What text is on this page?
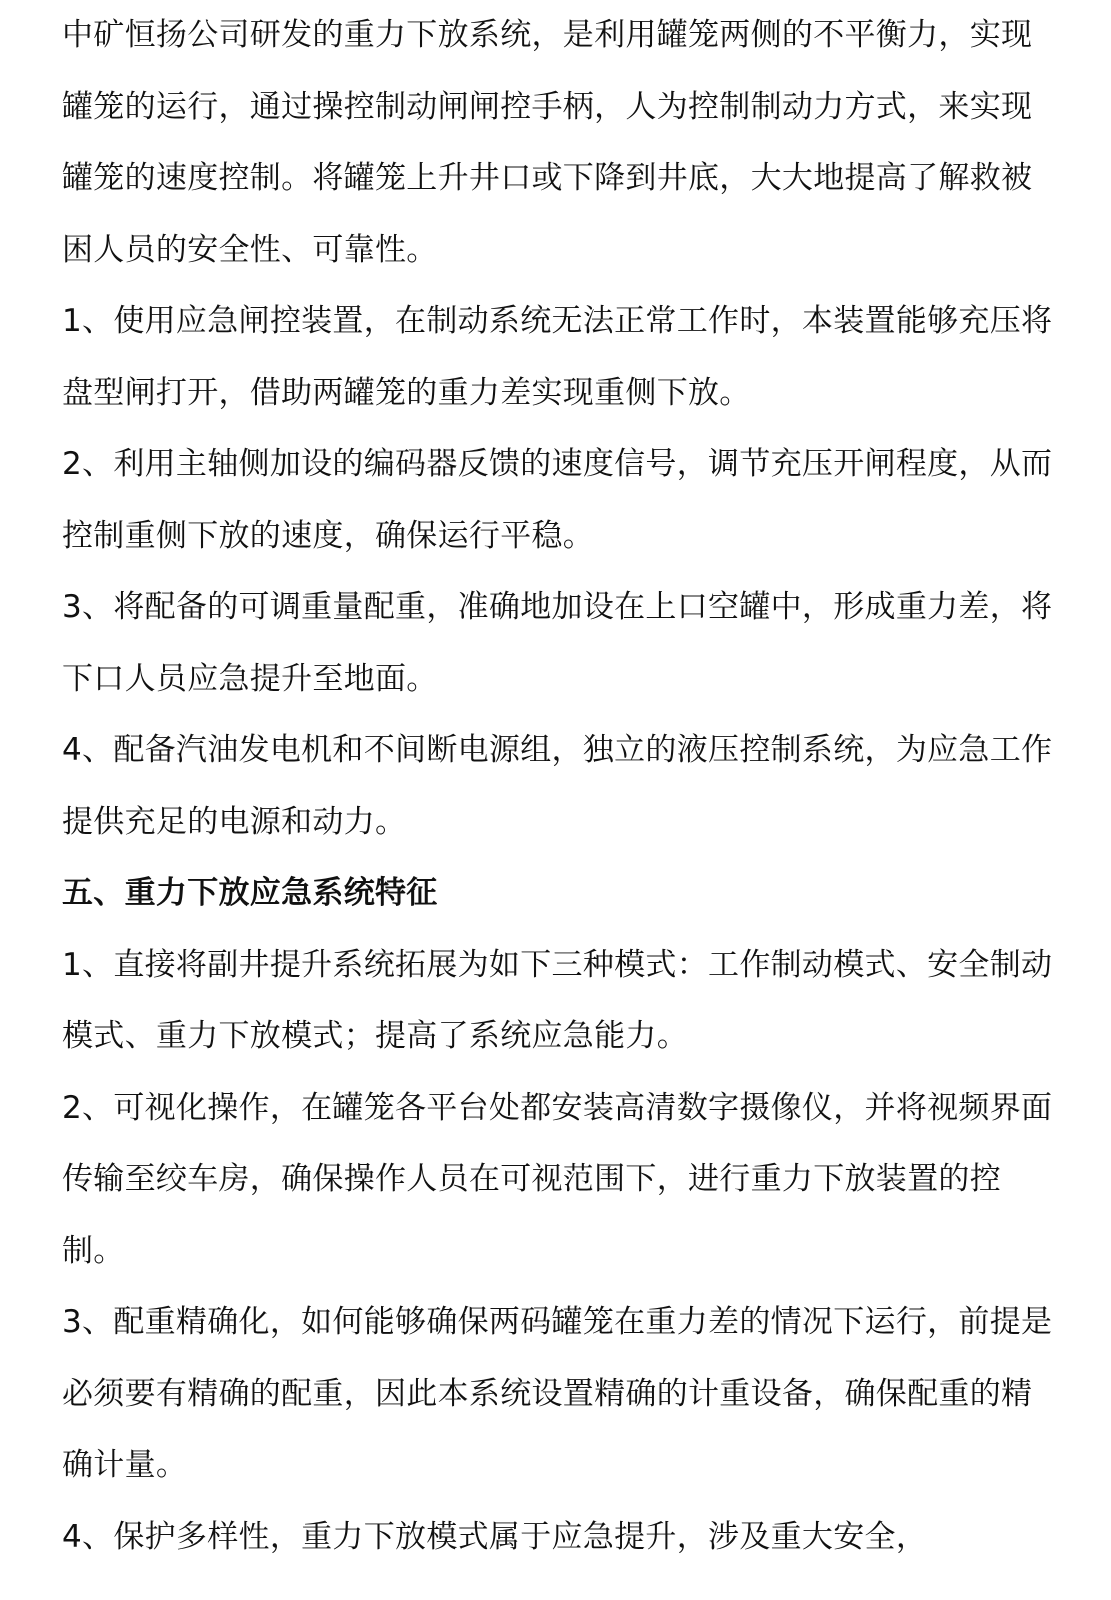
中矿恒扬公司研发的重力下放系统，是利用罐笼两侧的不平衡力，实现罐笼的运行，通过操控制动闸闸控手柄，人为控制制动力方式，来实现罐笼的速度控制。将罐笼上升井口或下降到井底，大大地提高了解救被困人员的安全性、可靠性。

1、使用应急闸控装置，在制动系统无法正常工作时，本装置能够充压将盘型闸打开，借助两罐笼的重力差实现重侧下放。

2、利用主轴侧加设的编码器反馈的速度信号，调节充压开闸程度，从而控制重侧下放的速度，确保运行平稳。

3、将配备的可调重量配重，准确地加设在上口空罐中，形成重力差，将下口人员应急提升至地面。

4、配备汽油发电机和不间断电源组，独立的液压控制系统，为应急工作提供充足的电源和动力。

五、重力下放应急系统特征

1、直接将副井提升系统拓展为如下三种模式：工作制动模式、安全制动模式、重力下放模式；提高了系统应急能力。

2、可视化操作，在罐笼各平台处都安装高清数字摄像仪，并将视频界面传输至绞车房，确保操作人员在可视范围下，进行重力下放装置的控制。

3、配重精确化，如何能够确保两码罐笼在重力差的情况下运行，前提是必须要有精确的配重，因此本系统设置精确的计重设备，确保配重的精确计量。

4、保护多样性，重力下放模式属于应急提升，涉及重大安全，
